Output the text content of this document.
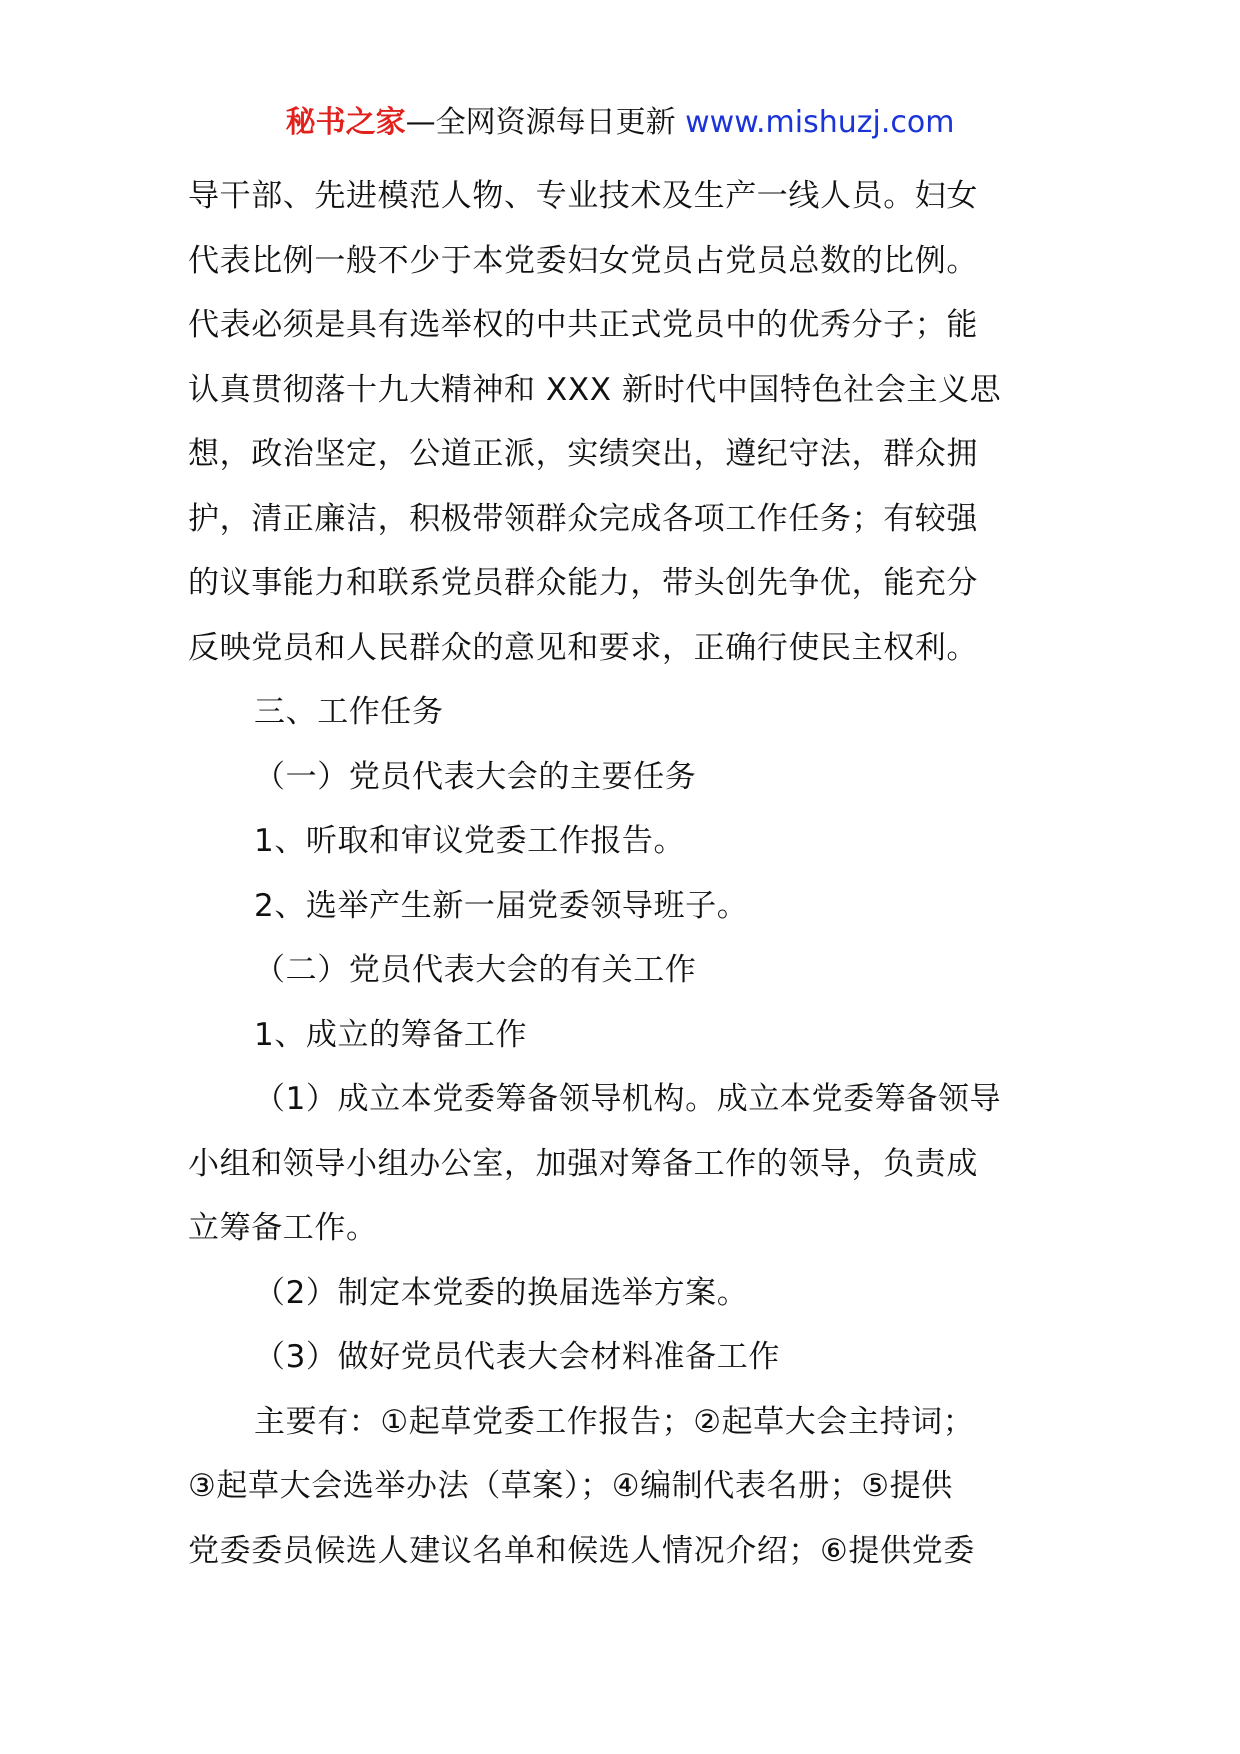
秘书之家—全网资源每日更新 www.mishuzj.com
导干部、先进模范人物、专业技术及生产一线人员。妇女
代表比例一般不少于本党委妇女党员占党员总数的比例。
代表必须是具有选举权的中共正式党员中的优秀分子；能
认真贯彻落十九大精神和 XXX 新时代中国特色社会主义思
想，政治坚定，公道正派，实绩突出，遵纪守法，群众拥
护，清正廉洁，积极带领群众完成各项工作任务；有较强
的议事能力和联系党员群众能力，带头创先争优，能充分
反映党员和人民群众的意见和要求，正确行使民主权利。
三、工作任务
（一）党员代表大会的主要任务
1、听取和审议党委工作报告。
2、选举产生新一届党委领导班子。
（二）党员代表大会的有关工作
1、成立的筹备工作
（1）成立本党委筹备领导机构。成立本党委筹备领导
小组和领导小组办公室，加强对筹备工作的领导，负责成
立筹备工作。
（2）制定本党委的换届选举方案。
（3）做好党员代表大会材料准备工作
主要有：①起草党委工作报告；②起草大会主持词；
③起草大会选举办法（草案）；④编制代表名册；⑤提供
党委委员候选人建议名单和候选人情况介绍；⑥提供党委
